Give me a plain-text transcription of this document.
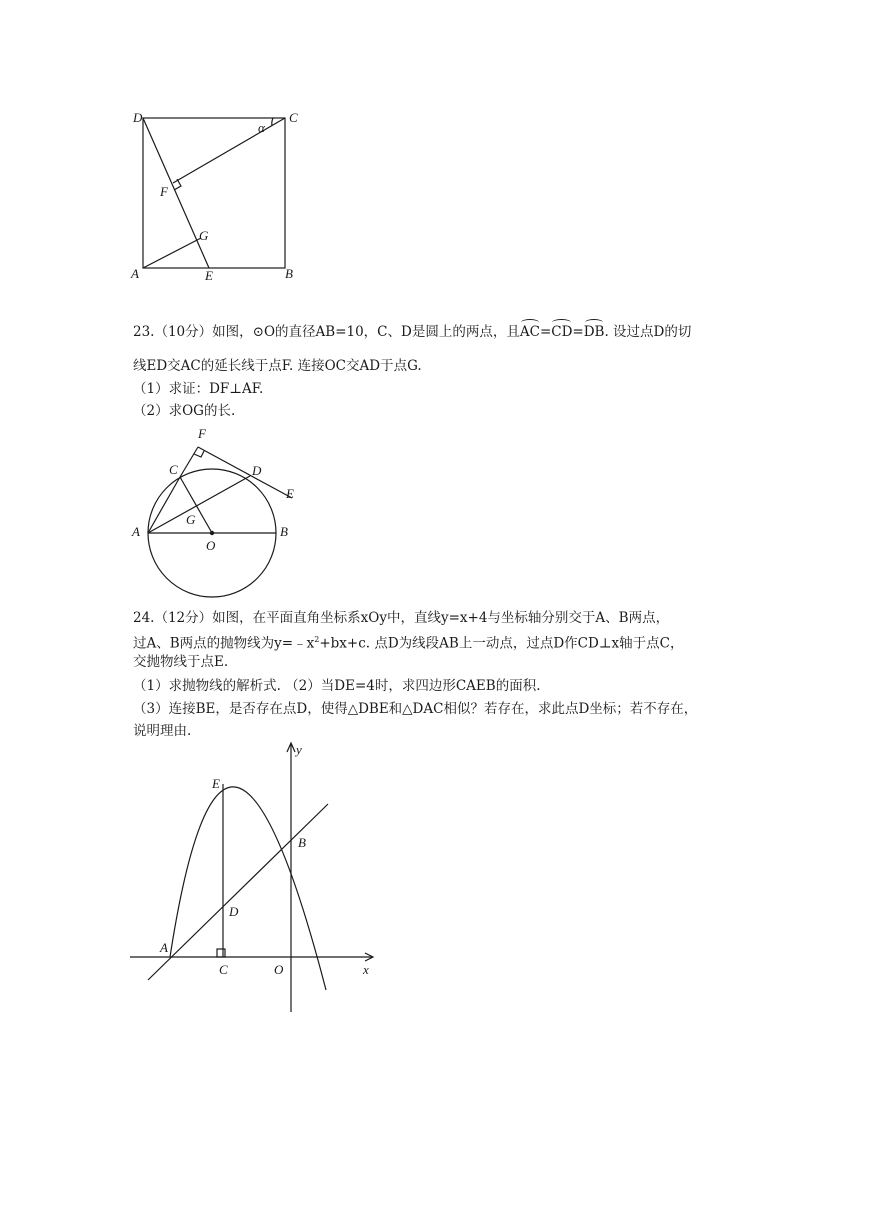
D	C
α
F
G
A	E	B
23.（10分）如图，⊙O的直径AB=10，C、D是圆上的两点，且AC=CD=DB. 设过点D的切
线ED交AC的延长线于点F. 连接OC交AD于点G.
（1）求证：DF⊥AF.
（2）求OG的长.
F
C	D
E
G
A
O
B
24.（12分）如图，在平面直角坐标系xOy中，直线y=x+4与坐标轴分别交于A、B两点，
过A、B两点的抛物线为$y=﹣x^2+bx+c$. 点D为线段AB上一动点，过点D作CD⊥x轴于点C，
交抛物线于点E.
（1）求抛物线的解析式. （2）当DE=4时，求四边形CAEB的面积.
（3）连接BE，是否存在点D，使得△DBE和△DAC相似？若存在，求此点D坐标；若不存在，
说明理由.
y
E
B
D
A
C	O	x
